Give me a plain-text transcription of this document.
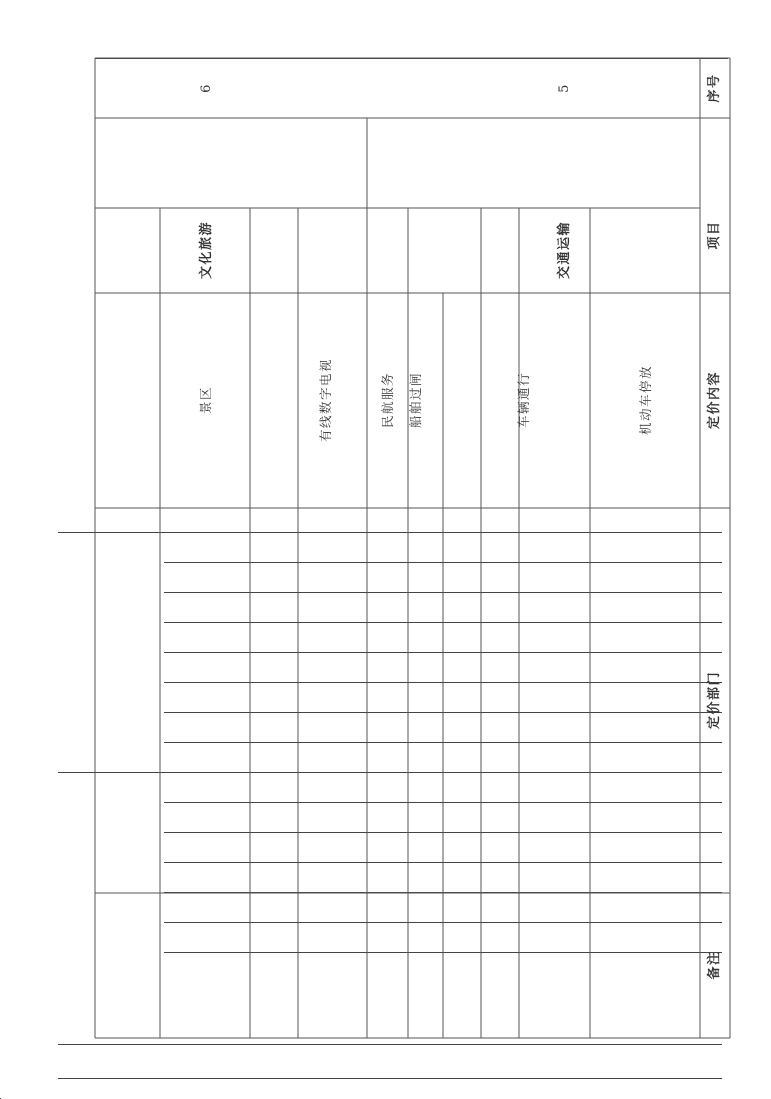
序号
项目
定价内容
定价部门
备注
5
交通运输
6
文化旅游
机动车停放
车辆通行
船舶过闸
民航服务
有线数字电视
景区
